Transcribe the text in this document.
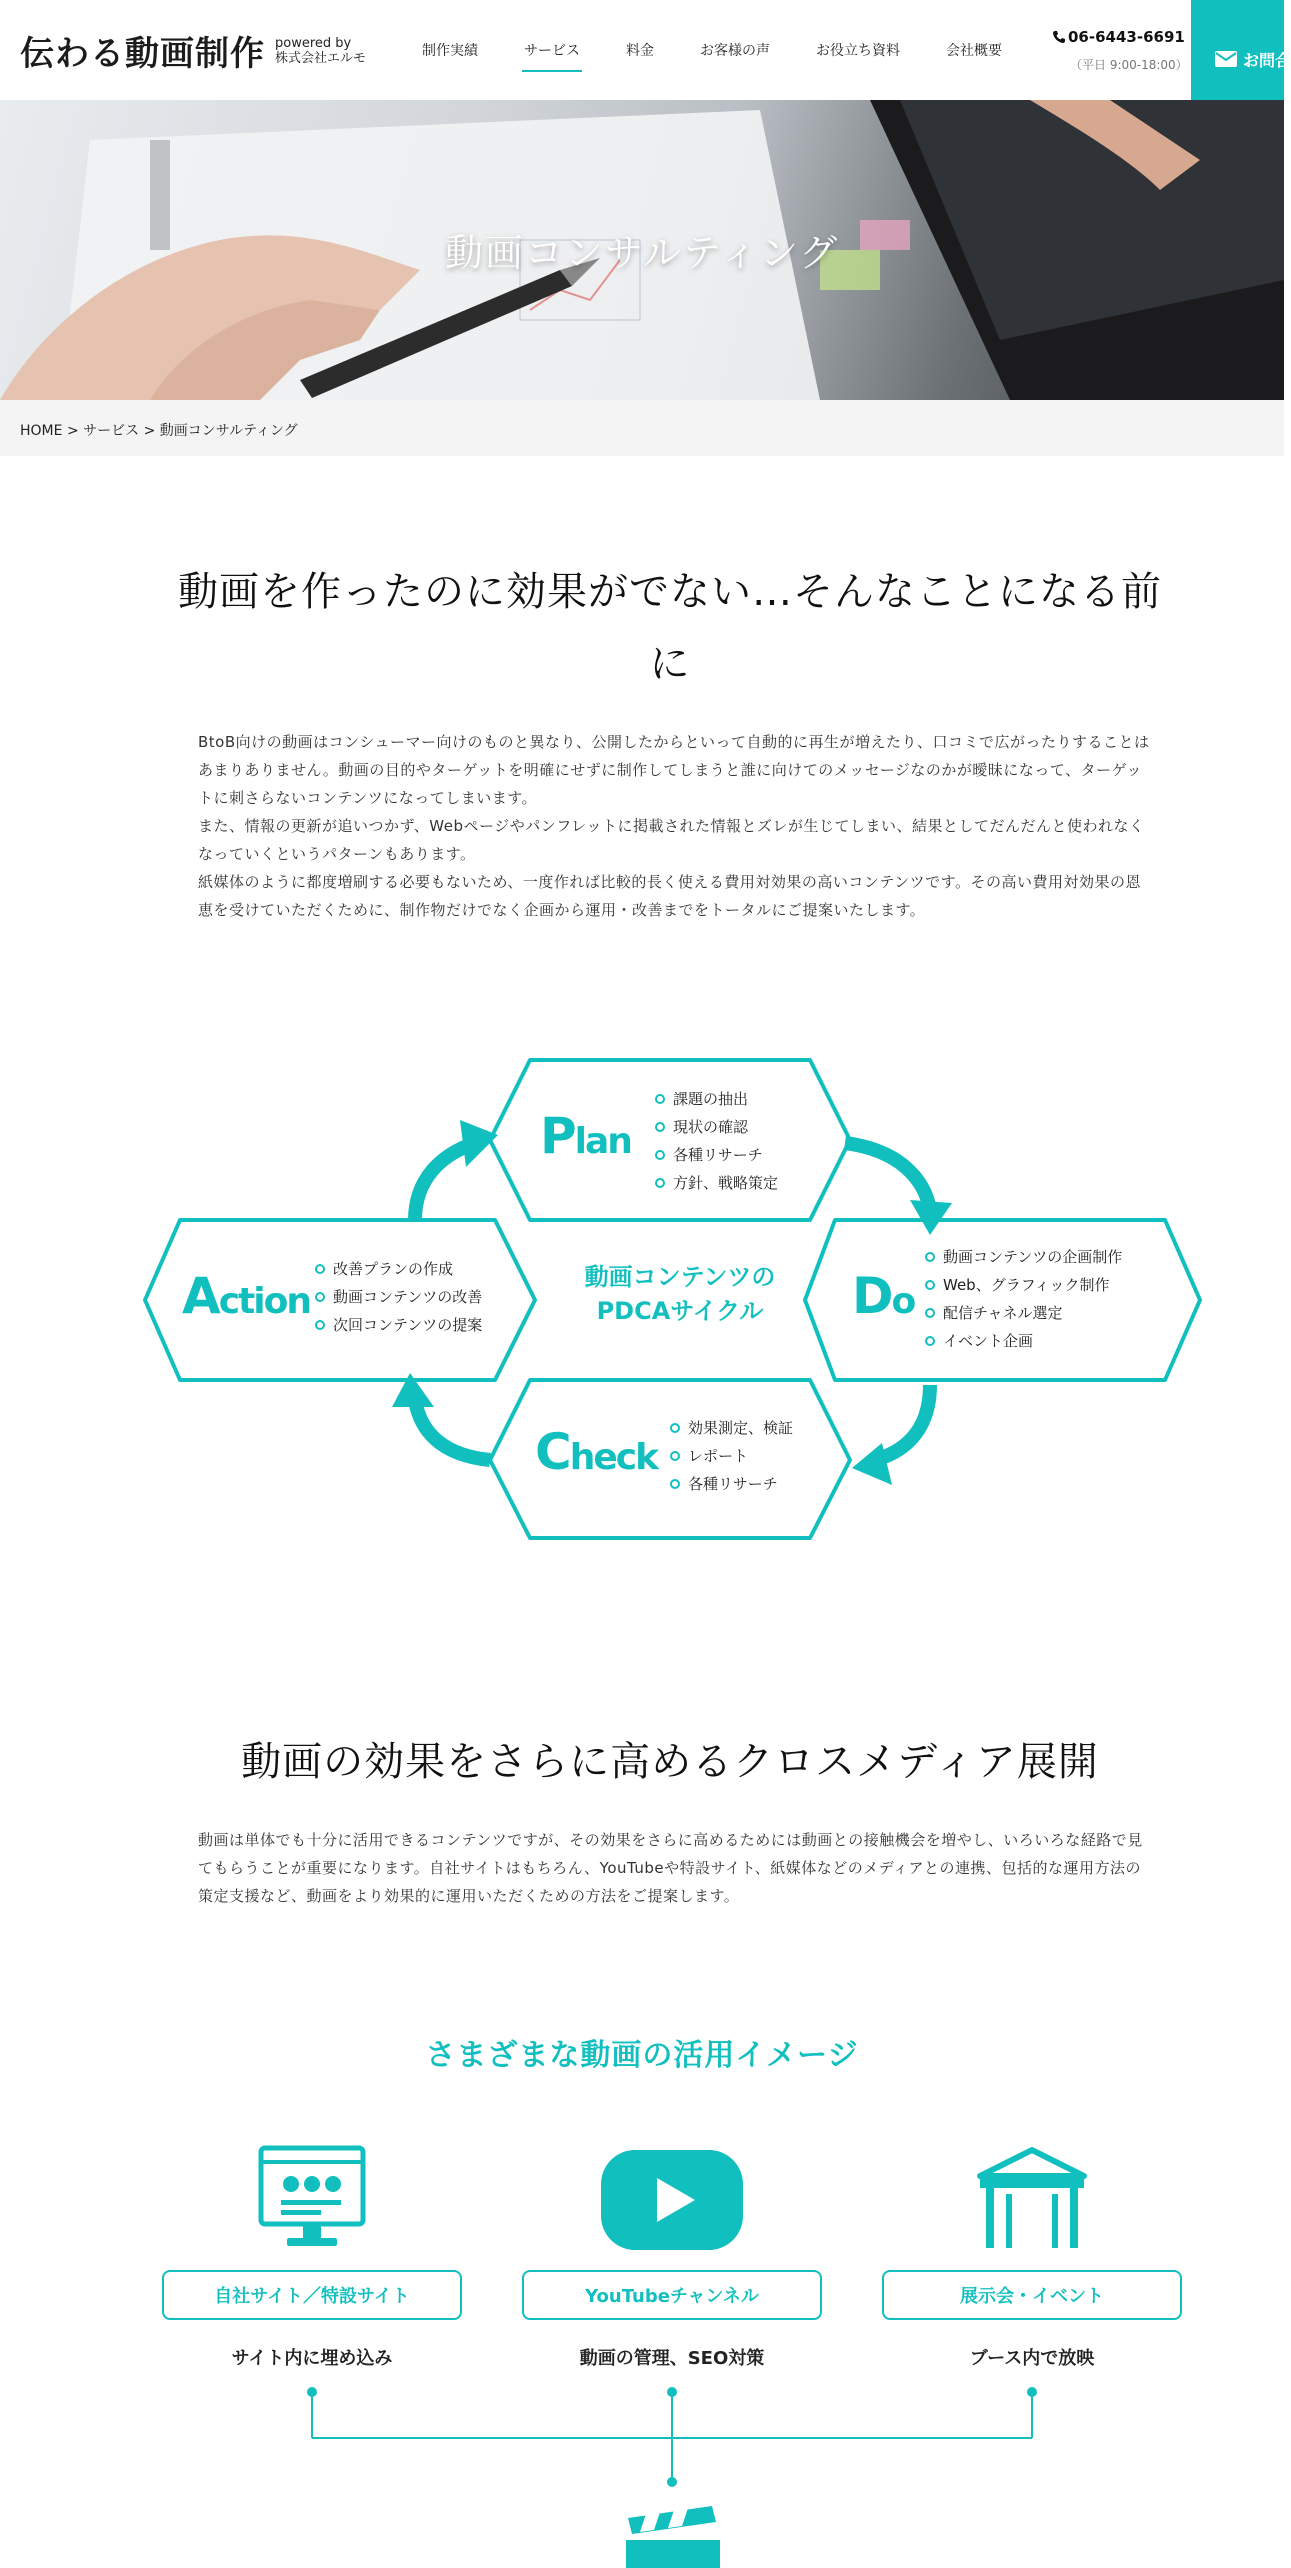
伝わる動画制作 powered by
株式会社エルモ	制作実績	サービス	料金	お客様の声	お役立ち資料	会社概要
06-6443-6691
（平日 9:00-18:00）	お問合
動画コンサルティング
HOME > サービス > 動画コンサルティング
動画を作ったのに効果がでない…そんなことになる前
に

BtoB向けの動画はコンシューマー向けのものと異なり、公開したからといって自動的に再生が増えたり、口コミで広がったりすることはあまりありません。動画の目的やターゲットを明確にせずに制作してしまうと誰に向けてのメッセージなのかが曖昧になって、ターゲットに刺さらないコンテンツになってしまいます。

また、情報の更新が追いつかず、Webページやパンフレットに掲載された情報とズレが生じてしまい、結果としてだんだんと使われなくなっていくというパターンもあります。

紙媒体のように都度増刷する必要もないため、一度作れば比較的長く使える費用対効果の高いコンテンツです。その高い費用対効果の恩恵を受けていただくために、制作物だけでなく企画から運用・改善までをトータルにご提案いたします。

Plan
課題の抽出
現状の確認
各種リサーチ
方針、戦略策定
Do
動画コンテンツの企画制作
Web、グラフィック制作
配信チャネル選定
イベント企画
Check
効果測定、検証
レポート
各種リサーチ
Action
改善プランの作成
動画コンテンツの改善
次回コンテンツの提案
動画コンテンツの
PDCAサイクル
動画の効果をさらに高めるクロスメディア展開

動画は単体でも十分に活用できるコンテンツですが、その効果をさらに高めるためには動画との接触機会を増やし、いろいろな経路で見てもらうことが重要になります。自社サイトはもちろん、YouTubeや特設サイト、紙媒体などのメディアとの連携、包括的な運用方法の策定支援など、動画をより効果的に運用いただくための方法をご提案します。

さまざまな動画の活用イメージ
自社サイト／特設サイト
サイト内に埋め込み
YouTubeチャンネル
動画の管理、SEO対策
展示会・イベント
ブース内で放映
